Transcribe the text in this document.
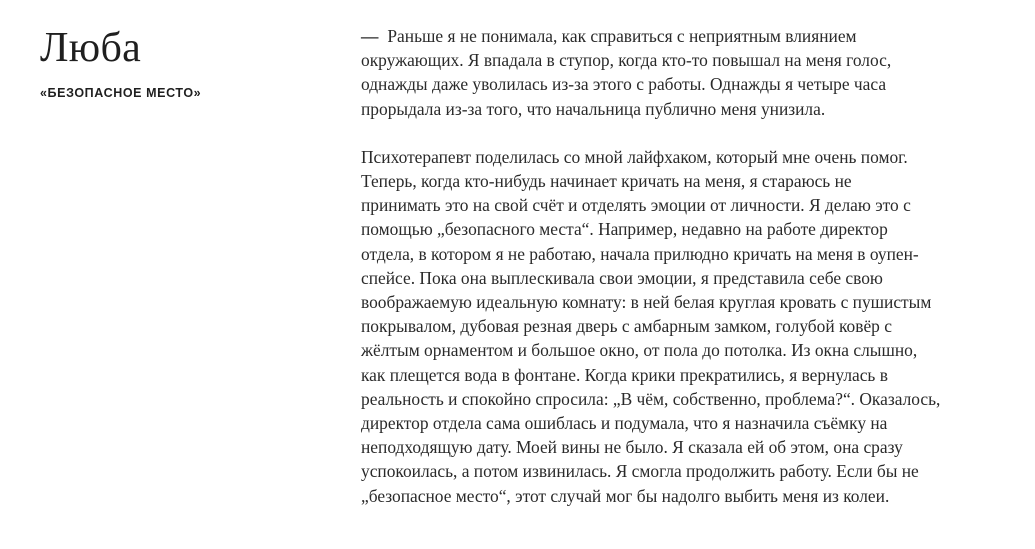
Люба
«БЕЗОПАСНОЕ МЕСТО»

— Раньше я не понимала, как справиться с неприятным влиянием
окружающих. Я впадала в ступор, когда кто-то повышал на меня голос,
однажды даже уволилась из-за этого с работы. Однажды я четыре часа
прорыдала из-за того, что начальница публично меня унизила.

Психотерапевт поделилась со мной лайфхаком, который мне очень помог.
Теперь, когда кто-нибудь начинает кричать на меня, я стараюсь не
принимать это на свой счёт и отделять эмоции от личности. Я делаю это с
помощью „безопасного места“. Например, недавно на работе директор
отдела, в котором я не работаю, начала прилюдно кричать на меня в оупен-
спейсе. Пока она выплескивала свои эмоции, я представила себе свою
воображаемую идеальную комнату: в ней белая круглая кровать с пушистым
покрывалом, дубовая резная дверь с амбарным замком, голубой ковёр с
жёлтым орнаментом и большое окно, от пола до потолка. Из окна слышно,
как плещется вода в фонтане. Когда крики прекратились, я вернулась в
реальность и спокойно спросила: „В чём, собственно, проблема?“. Оказалось,
директор отдела сама ошиблась и подумала, что я назначила съёмку на
неподходящую дату. Моей вины не было. Я сказала ей об этом, она сразу
успокоилась, а потом извинилась. Я смогла продолжить работу. Если бы не
„безопасное место“, этот случай мог бы надолго выбить меня из колеи.
